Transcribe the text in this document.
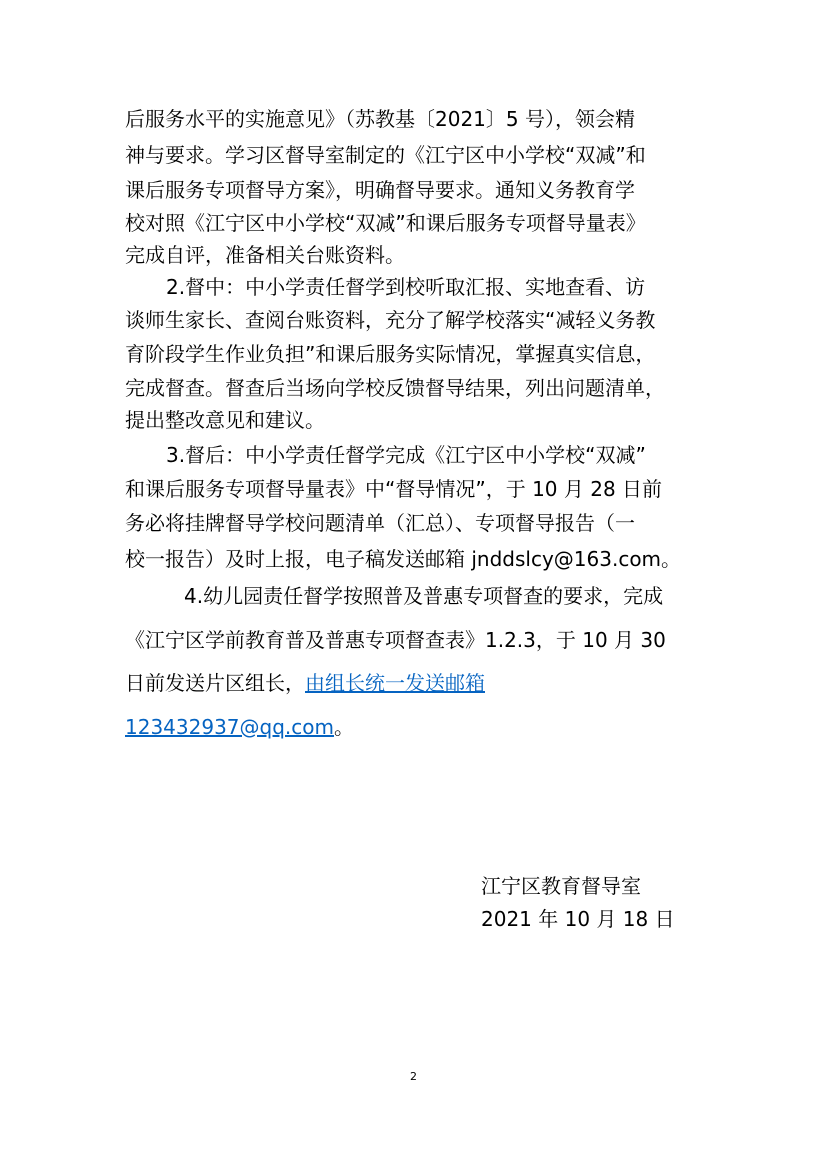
后服务水平的实施意见》（苏教基〔2021〕5 号），领会精
神与要求。学习区督导室制定的《江宁区中小学校“双减”和
课后服务专项督导方案》，明确督导要求。通知义务教育学
校对照《江宁区中小学校“双减”和课后服务专项督导量表》
完成自评，准备相关台账资料。
2.督中：中小学责任督学到校听取汇报、实地查看、访
谈师生家长、查阅台账资料，充分了解学校落实“减轻义务教
育阶段学生作业负担”和课后服务实际情况，掌握真实信息，
完成督查。督查后当场向学校反馈督导结果，列出问题清单，
提出整改意见和建议。
3.督后：中小学责任督学完成《江宁区中小学校“双减”
和课后服务专项督导量表》中“督导情况”，于 10 月 28 日前
务必将挂牌督导学校问题清单（汇总）、专项督导报告（一
校一报告）及时上报，电子稿发送邮箱 jnddslcy@163.com。
4.幼儿园责任督学按照普及普惠专项督查的要求，完成
《江宁区学前教育普及普惠专项督查表》1.2.3，于 10 月 30
日前发送片区组长，由组长统一发送邮箱
123432937@qq.com。
江宁区教育督导室
2021 年 10 月 18 日
2
